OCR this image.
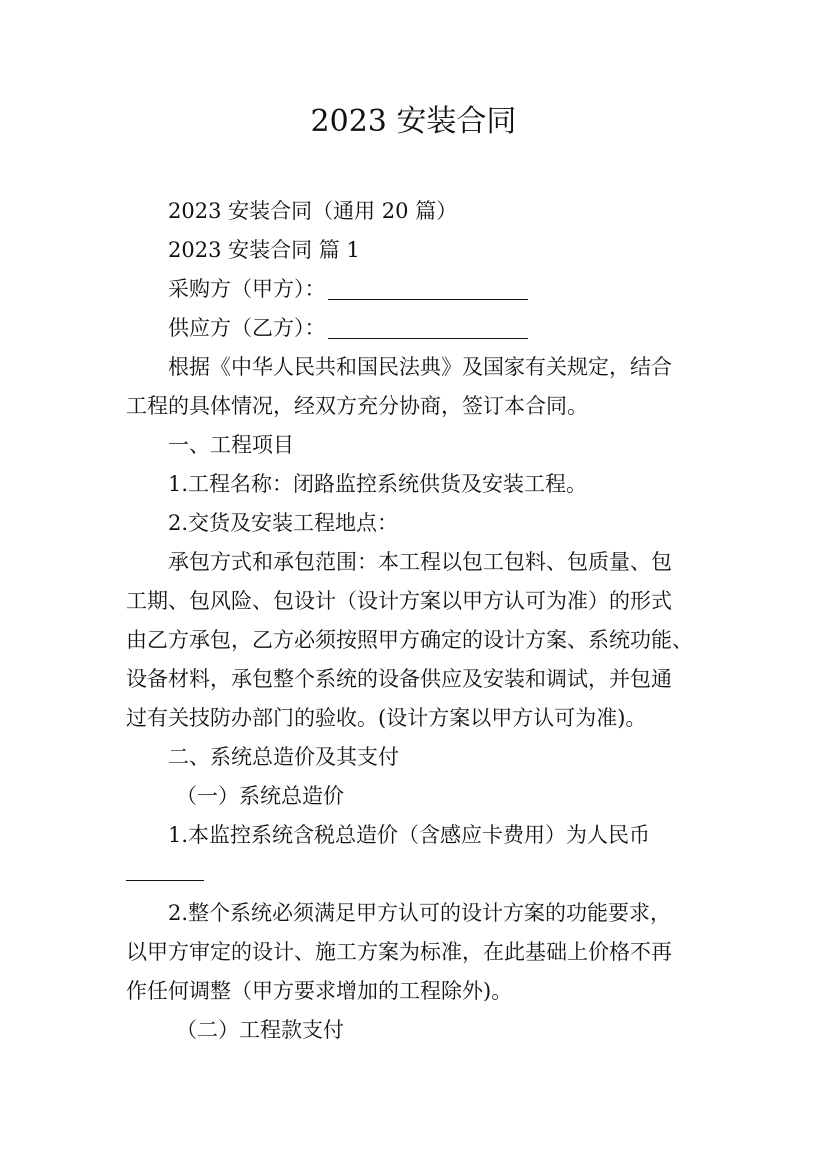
2023 安装合同

2023 安装合同（通用 20 篇）

2023 安装合同 篇 1

采购方（甲方）：

供应方（乙方）：

根据《中华人民共和国民法典》及国家有关规定，结合

工程的具体情况，经双方充分协商，签订本合同。

一、工程项目

1.工程名称：闭路监控系统供货及安装工程。

2.交货及安装工程地点：

承包方式和承包范围：本工程以包工包料、包质量、包

工期、包风险、包设计（设计方案以甲方认可为准）的形式

由乙方承包，乙方必须按照甲方确定的设计方案、系统功能、

设备材料，承包整个系统的设备供应及安装和调试，并包通

过有关技防办部门的验收。(设计方案以甲方认可为准)。

二、系统总造价及其支付

（一）系统总造价

1.本监控系统含税总造价（含感应卡费用）为人民币

2.整个系统必须满足甲方认可的设计方案的功能要求，

以甲方审定的设计、施工方案为标准，在此基础上价格不再

作任何调整（甲方要求增加的工程除外)。

（二）工程款支付
